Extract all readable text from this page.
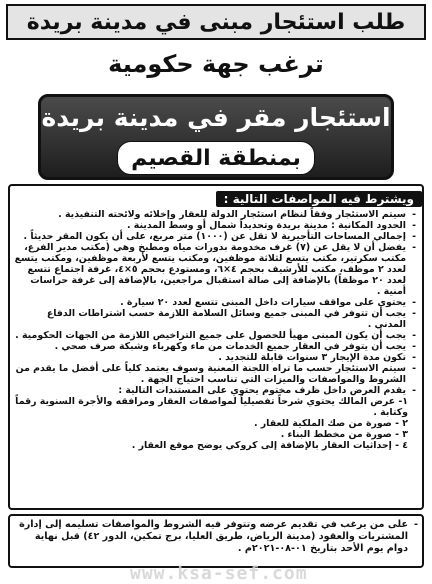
طلب استئجار مبنى في مدينة بريدة
ترغب جهة حكومية
استئجار مقر في مدينة بريدة
بمنطقة القصيم
ويشترط فيه المواصفات التالية :
- سيتم الاستئجار وفقاً لنظام استئجار الدولة للعقار وإخلائه ولائحته التنفيذية .
- الحدود المكانية : مدينة بريدة وتحديداً شمال أو وسط المدينة .
- إجمالي المساحات التأجيرية لا تقل عن (١٠٠٠) متر مربع، على أن يكون المقر حديثاً .
- يفضل أن لا يقل عن (٧) غرف مخدومة بدورات مياه ومطبخ وهي (مكتب مدير الفرع، مكتب سكرتير، مكتب يتسع لثلاثة موظفين، ومكتب يتسع لأربعة موظفين، ومكتب يتسع لعدد ٢ موظف، مكتب للأرشيف بحجم ٤×٦، ومستودع بحجم ٥×٤، غرفة اجتماع تتسع لعدد ٢٠ موظفاً) بالإضافة إلى صالة استقبال مراجعين، بالإضافة إلى غرفة حراسات أمنية .
- يحتوي على مواقف سيارات داخل المبنى تتسع لعدد ٢٠ سيارة .
- يجب أن تتوفر في المبنى جميع وسائل السلامة اللازمة حسب اشتراطات الدفاع المدني .
- يجب أن يكون المبنى مهيأ للحصول على جميع التراخيص اللازمة من الجهات الحكومية .
- يجب أن يتوفر في العقار جميع الخدمات من ماء وكهرباء وشبكة صرف صحي .
- تكون مدة الإيجار ٣ سنوات قابلة للتجديد .
- سيتم الاستئجار حسب ما تراه اللجنة المعنية وسوف يعتمد كلياً على أفضل ما يقدم من الشروط والمواصفات والميزات التي تناسب احتياج الجهة .
- يقدم العرض داخل ظرف مختوم يحتوي على المستندات التالية :
١- عرض المالك يحتوي شرحاً تفصيلياً لمواصفات العقار ومرافقه والأجرة السنوية رقماً وكتابة .
٢ - صورة من صك الملكية للعقار .
٣ - صورة من مخطط البناء .
٤ - إحداثيات العقار بالإضافة إلى كروكي يوضح موقع العقار .
- على من يرغب في تقديم عرضه وتتوفر فيه الشروط والمواصفات تسليمه إلى إدارة المشتريات والعقود (مدينة الرياض، طريق العليا، برج تمكين، الدور ٤٢) قبل نهاية دوام يوم الأحد بتاريخ ٠١-٠٨-٢٠٢١م .
www.ksa-sef.com
